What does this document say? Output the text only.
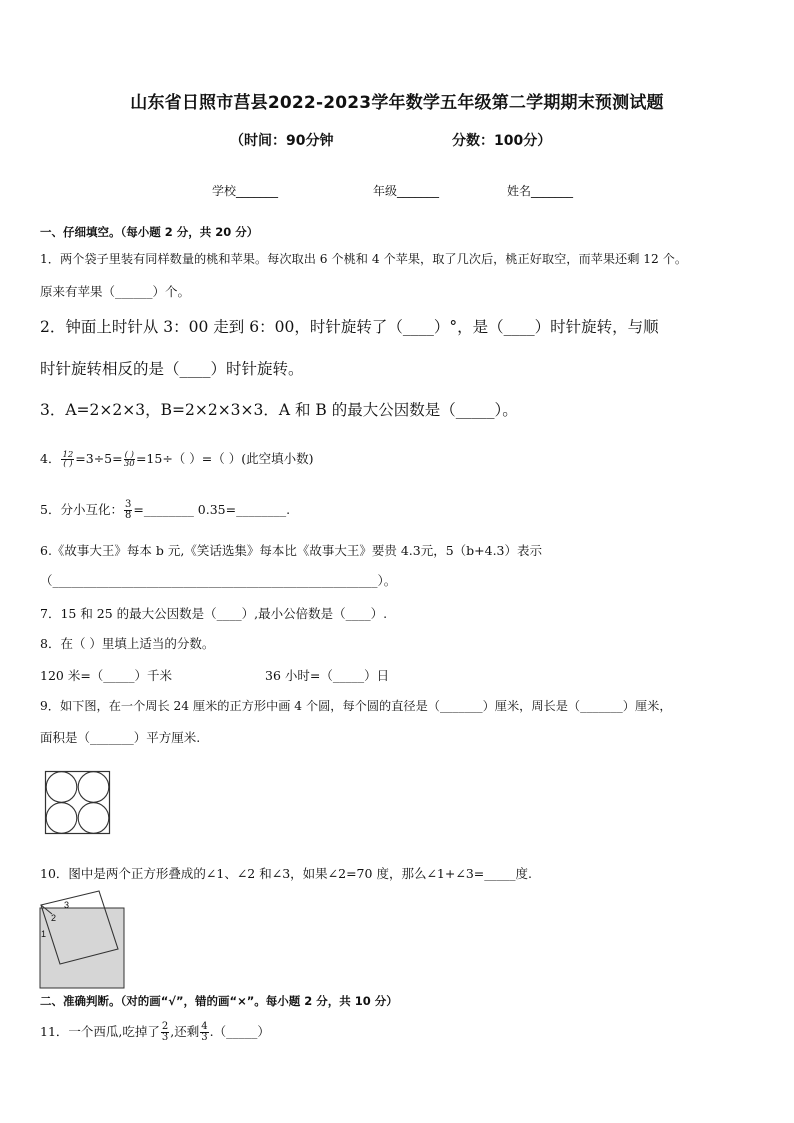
山东省日照市莒县2022-2023学年数学五年级第二学期期末预测试题
（时间：90分钟	分数：100分）
学校_______	年级_______	姓名_______
一、仔细填空。（每小题 2 分，共 20 分）
1．两个袋子里装有同样数量的桃和苹果。每次取出 6 个桃和 4 个苹果，取了几次后，桃正好取空，而苹果还剩 12 个。
原来有苹果（______）个。
2．钟面上时针从 3：00 走到 6：00，时针旋转了（____）°，是（____）时针旋转，与顺
时针旋转相反的是（____）时针旋转。
3．A=2×2×3，B=2×2×3×3．A 和 B 的最大公因数是（_____）。
4． $\frac{12}{( )} =3\div 5= \frac{( )}{30} =15\div$（ ）=（ ）(此空填小数)
5．分小互化： $\frac{3}{8}$ =________ 0.35=________.
6.《故事大王》每本 b 元,《笑话选集》每本比《故事大王》要贵 4.3元，5（b+4.3）表示
（____________________________________________________）。
7．15 和 25 的最大公因数是（____）,最小公倍数是（____）.
8．在（ ）里填上适当的分数。
120 米=（_____）千米	36 小时=（_____）日
9．如下图，在一个周长 24 厘米的正方形中画 4 个圆，每个圆的直径是（_______）厘米，周长是（_______）厘米，
面积是（_______）平方厘米.
10．图中是两个正方形叠成的∠1、∠2 和∠3，如果∠2=70 度，那么∠1+∠3=_____度.
3
2
1
二、准确判断。（对的画“√”，错的画“×”。每小题 2 分，共 10 分）
11．一个西瓜,吃掉了 $\frac{2}{3}$ ,还剩 $\frac{4}{3}$ .（_____）
